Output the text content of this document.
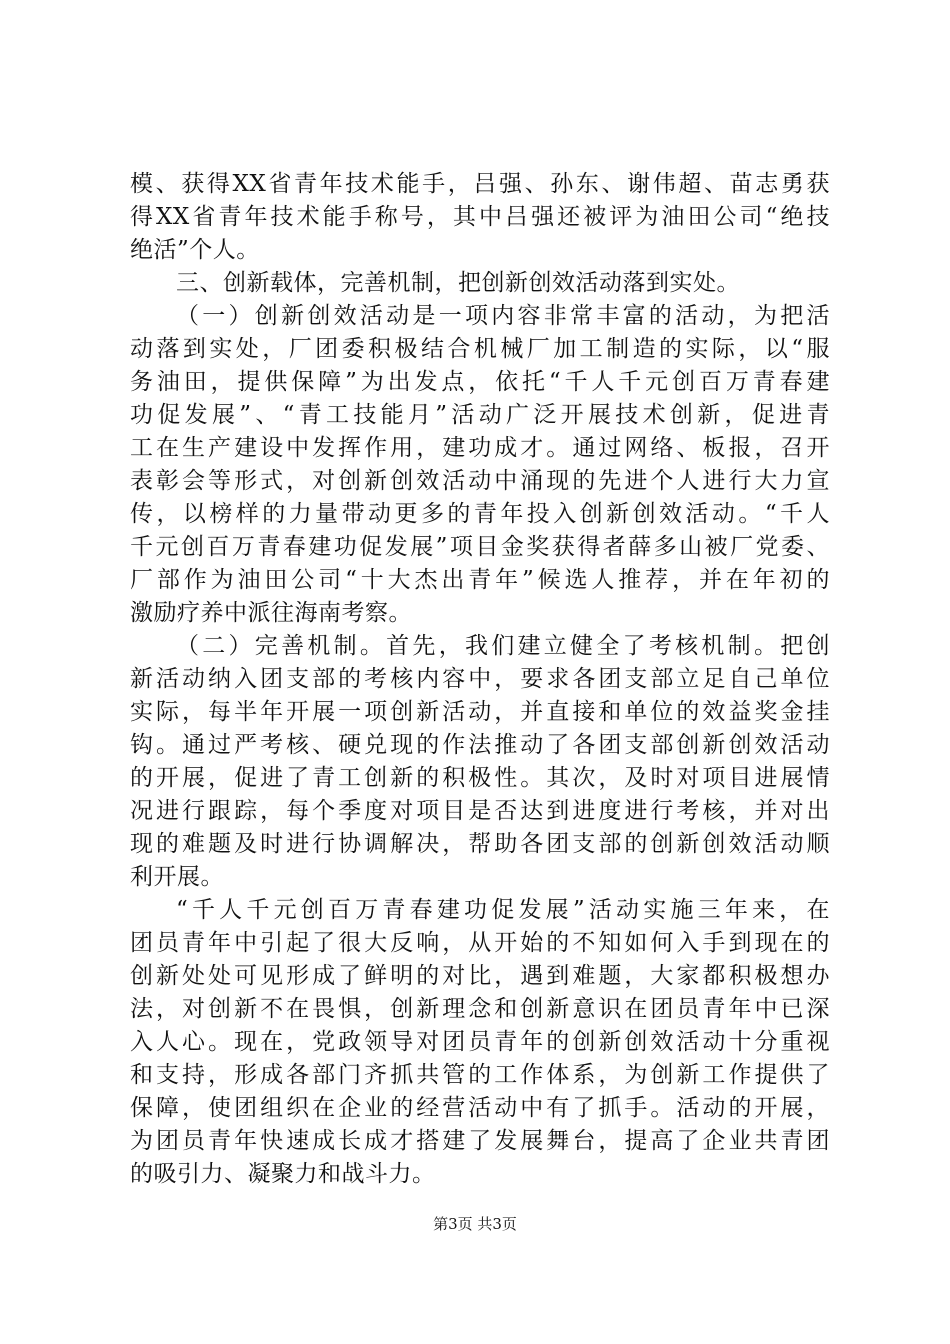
模、获得XX省青年技术能手，吕强、孙东、谢伟超、苗志勇获
得XX省青年技术能手称号，其中吕强还被评为油田公司“绝技
绝活”个人。
三、创新载体，完善机制，把创新创效活动落到实处。
（一）创新创效活动是一项内容非常丰富的活动，为把活
动落到实处，厂团委积极结合机械厂加工制造的实际，以“服
务油田，提供保障”为出发点，依托“千人千元创百万青春建
功促发展”、“青工技能月”活动广泛开展技术创新，促进青
工在生产建设中发挥作用，建功成才。通过网络、板报，召开
表彰会等形式，对创新创效活动中涌现的先进个人进行大力宣
传，以榜样的力量带动更多的青年投入创新创效活动。“千人
千元创百万青春建功促发展”项目金奖获得者薛多山被厂党委、
厂部作为油田公司“十大杰出青年”候选人推荐，并在年初的
激励疗养中派往海南考察。
（二）完善机制。首先，我们建立健全了考核机制。把创
新活动纳入团支部的考核内容中，要求各团支部立足自己单位
实际，每半年开展一项创新活动，并直接和单位的效益奖金挂
钩。通过严考核、硬兑现的作法推动了各团支部创新创效活动
的开展，促进了青工创新的积极性。其次，及时对项目进展情
况进行跟踪，每个季度对项目是否达到进度进行考核，并对出
现的难题及时进行协调解决，帮助各团支部的创新创效活动顺
利开展。
“千人千元创百万青春建功促发展”活动实施三年来，在
团员青年中引起了很大反响，从开始的不知如何入手到现在的
创新处处可见形成了鲜明的对比，遇到难题，大家都积极想办
法，对创新不在畏惧，创新理念和创新意识在团员青年中已深
入人心。现在，党政领导对团员青年的创新创效活动十分重视
和支持，形成各部门齐抓共管的工作体系，为创新工作提供了
保障，使团组织在企业的经营活动中有了抓手。活动的开展，
为团员青年快速成长成才搭建了发展舞台，提高了企业共青团
的吸引力、凝聚力和战斗力。
第3页 共3页
